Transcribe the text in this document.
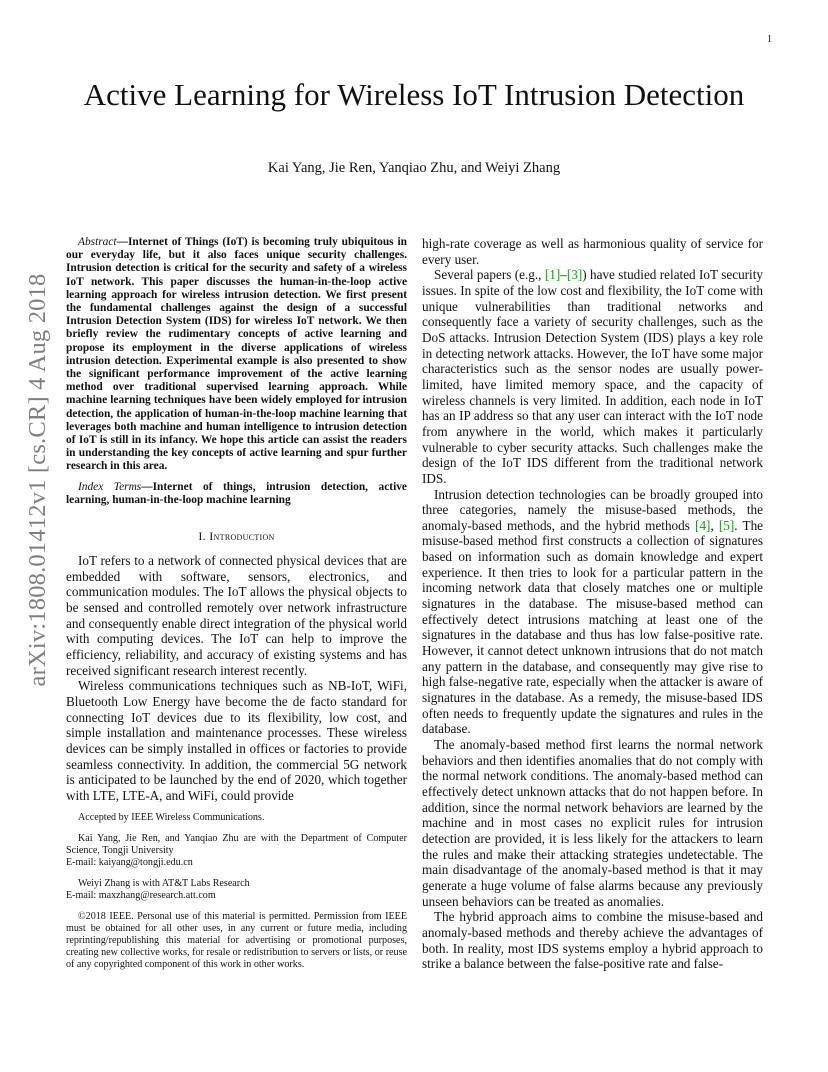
1
Active Learning for Wireless IoT Intrusion Detection
Kai Yang, Jie Ren, Yanqiao Zhu, and Weiyi Zhang
arXiv:1808.01412v1 [cs.CR] 4 Aug 2018

Abstract—Internet of Things (IoT) is becoming truly ubiquitous in our everyday life, but it also faces unique security challenges. Intrusion detection is critical for the security and safety of a wireless IoT network. This paper discusses the human-in-the-loop active learning approach for wireless intrusion detection. We first present the fundamental challenges against the design of a successful Intrusion Detection System (IDS) for wireless IoT network. We then briefly review the rudimentary concepts of active learning and propose its employment in the diverse applications of wireless intrusion detection. Experimental example is also presented to show the significant performance improvement of the active learning method over traditional supervised learning approach. While machine learning techniques have been widely employed for intrusion detection, the application of human-in-the-loop machine learning that leverages both machine and human intelligence to intrusion detection of IoT is still in its infancy. We hope this article can assist the readers in understanding the key concepts of active learning and spur further research in this area.

Index Terms—Internet of things, intrusion detection, active learning, human-in-the-loop machine learning

I. Introduction

IoT refers to a network of connected physical devices that are embedded with software, sensors, electronics, and communication modules. The IoT allows the physical objects to be sensed and controlled remotely over network infrastructure and consequently enable direct integration of the physical world with computing devices. The IoT can help to improve the efficiency, reliability, and accuracy of existing systems and has received significant research interest recently.

Wireless communications techniques such as NB-IoT, WiFi, Bluetooth Low Energy have become the de facto standard for connecting IoT devices due to its flexibility, low cost, and simple installation and maintenance processes. These wireless devices can be simply installed in offices or factories to provide seamless connectivity. In addition, the commercial 5G network is anticipated to be launched by the end of 2020, which together with LTE, LTE-A, and WiFi, could provide

Accepted by IEEE Wireless Communications.

Kai Yang, Jie Ren, and Yanqiao Zhu are with the Department of Computer Science, Tongji University
E-mail: kaiyang@tongji.edu.cn

Weiyi Zhang is with AT&T Labs Research
E-mail: maxzhang@research.att.com

©2018 IEEE. Personal use of this material is permitted. Permission from IEEE must be obtained for all other uses, in any current or future media, including reprinting/republishing this material for advertising or promotional purposes, creating new collective works, for resale or redistribution to servers or lists, or reuse of any copyrighted component of this work in other works.

high-rate coverage as well as harmonious quality of service for every user.

Several papers (e.g., [1]–[3]) have studied related IoT security issues. In spite of the low cost and flexibility, the IoT come with unique vulnerabilities than traditional networks and consequently face a variety of security challenges, such as the DoS attacks. Intrusion Detection System (IDS) plays a key role in detecting network attacks. However, the IoT have some major characteristics such as the sensor nodes are usually power-limited, have limited memory space, and the capacity of wireless channels is very limited. In addition, each node in IoT has an IP address so that any user can interact with the IoT node from anywhere in the world, which makes it particularly vulnerable to cyber security attacks. Such challenges make the design of the IoT IDS different from the traditional network IDS.

Intrusion detection technologies can be broadly grouped into three categories, namely the misuse-based methods, the anomaly-based methods, and the hybrid methods [4], [5]. The misuse-based method first constructs a collection of signatures based on information such as domain knowledge and expert experience. It then tries to look for a particular pattern in the incoming network data that closely matches one or multiple signatures in the database. The misuse-based method can effectively detect intrusions matching at least one of the signatures in the database and thus has low false-positive rate. However, it cannot detect unknown intrusions that do not match any pattern in the database, and consequently may give rise to high false-negative rate, especially when the attacker is aware of signatures in the database. As a remedy, the misuse-based IDS often needs to frequently update the signatures and rules in the database.

The anomaly-based method first learns the normal network behaviors and then identifies anomalies that do not comply with the normal network conditions. The anomaly-based method can effectively detect unknown attacks that do not happen before. In addition, since the normal network behaviors are learned by the machine and in most cases no explicit rules for intrusion detection are provided, it is less likely for the attackers to learn the rules and make their attacking strategies undetectable. The main disadvantage of the anomaly-based method is that it may generate a huge volume of false alarms because any previously unseen behaviors can be treated as anomalies.

The hybrid approach aims to combine the misuse-based and anomaly-based methods and thereby achieve the advantages of both. In reality, most IDS systems employ a hybrid approach to strike a balance between the false-positive rate and false-
